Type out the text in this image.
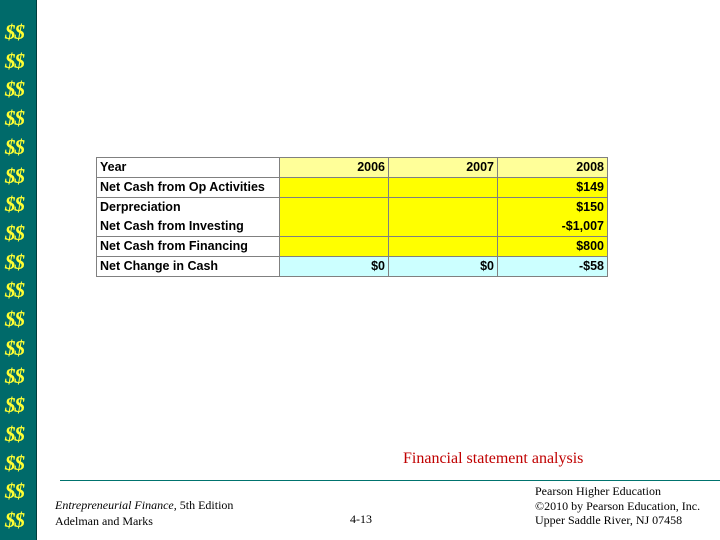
$$
$$
$$
$$
$$
$$
$$
$$
$$
$$
$$
$$
$$
$$
$$
$$
$$
$$
Year	2006	2007	2008
Net Cash from Op Activities			$149
Derpreciation			$150
Net Cash from Investing			-$1,007
Net Cash from Financing			$800
Net Change in Cash	$0	$0	-$58
Financial statement analysis
Entrepreneurial Finance, 5th Edition
Adelman and Marks	4-13
Pearson Higher Education
©2010 by Pearson Education, Inc.
Upper Saddle River, NJ 07458
